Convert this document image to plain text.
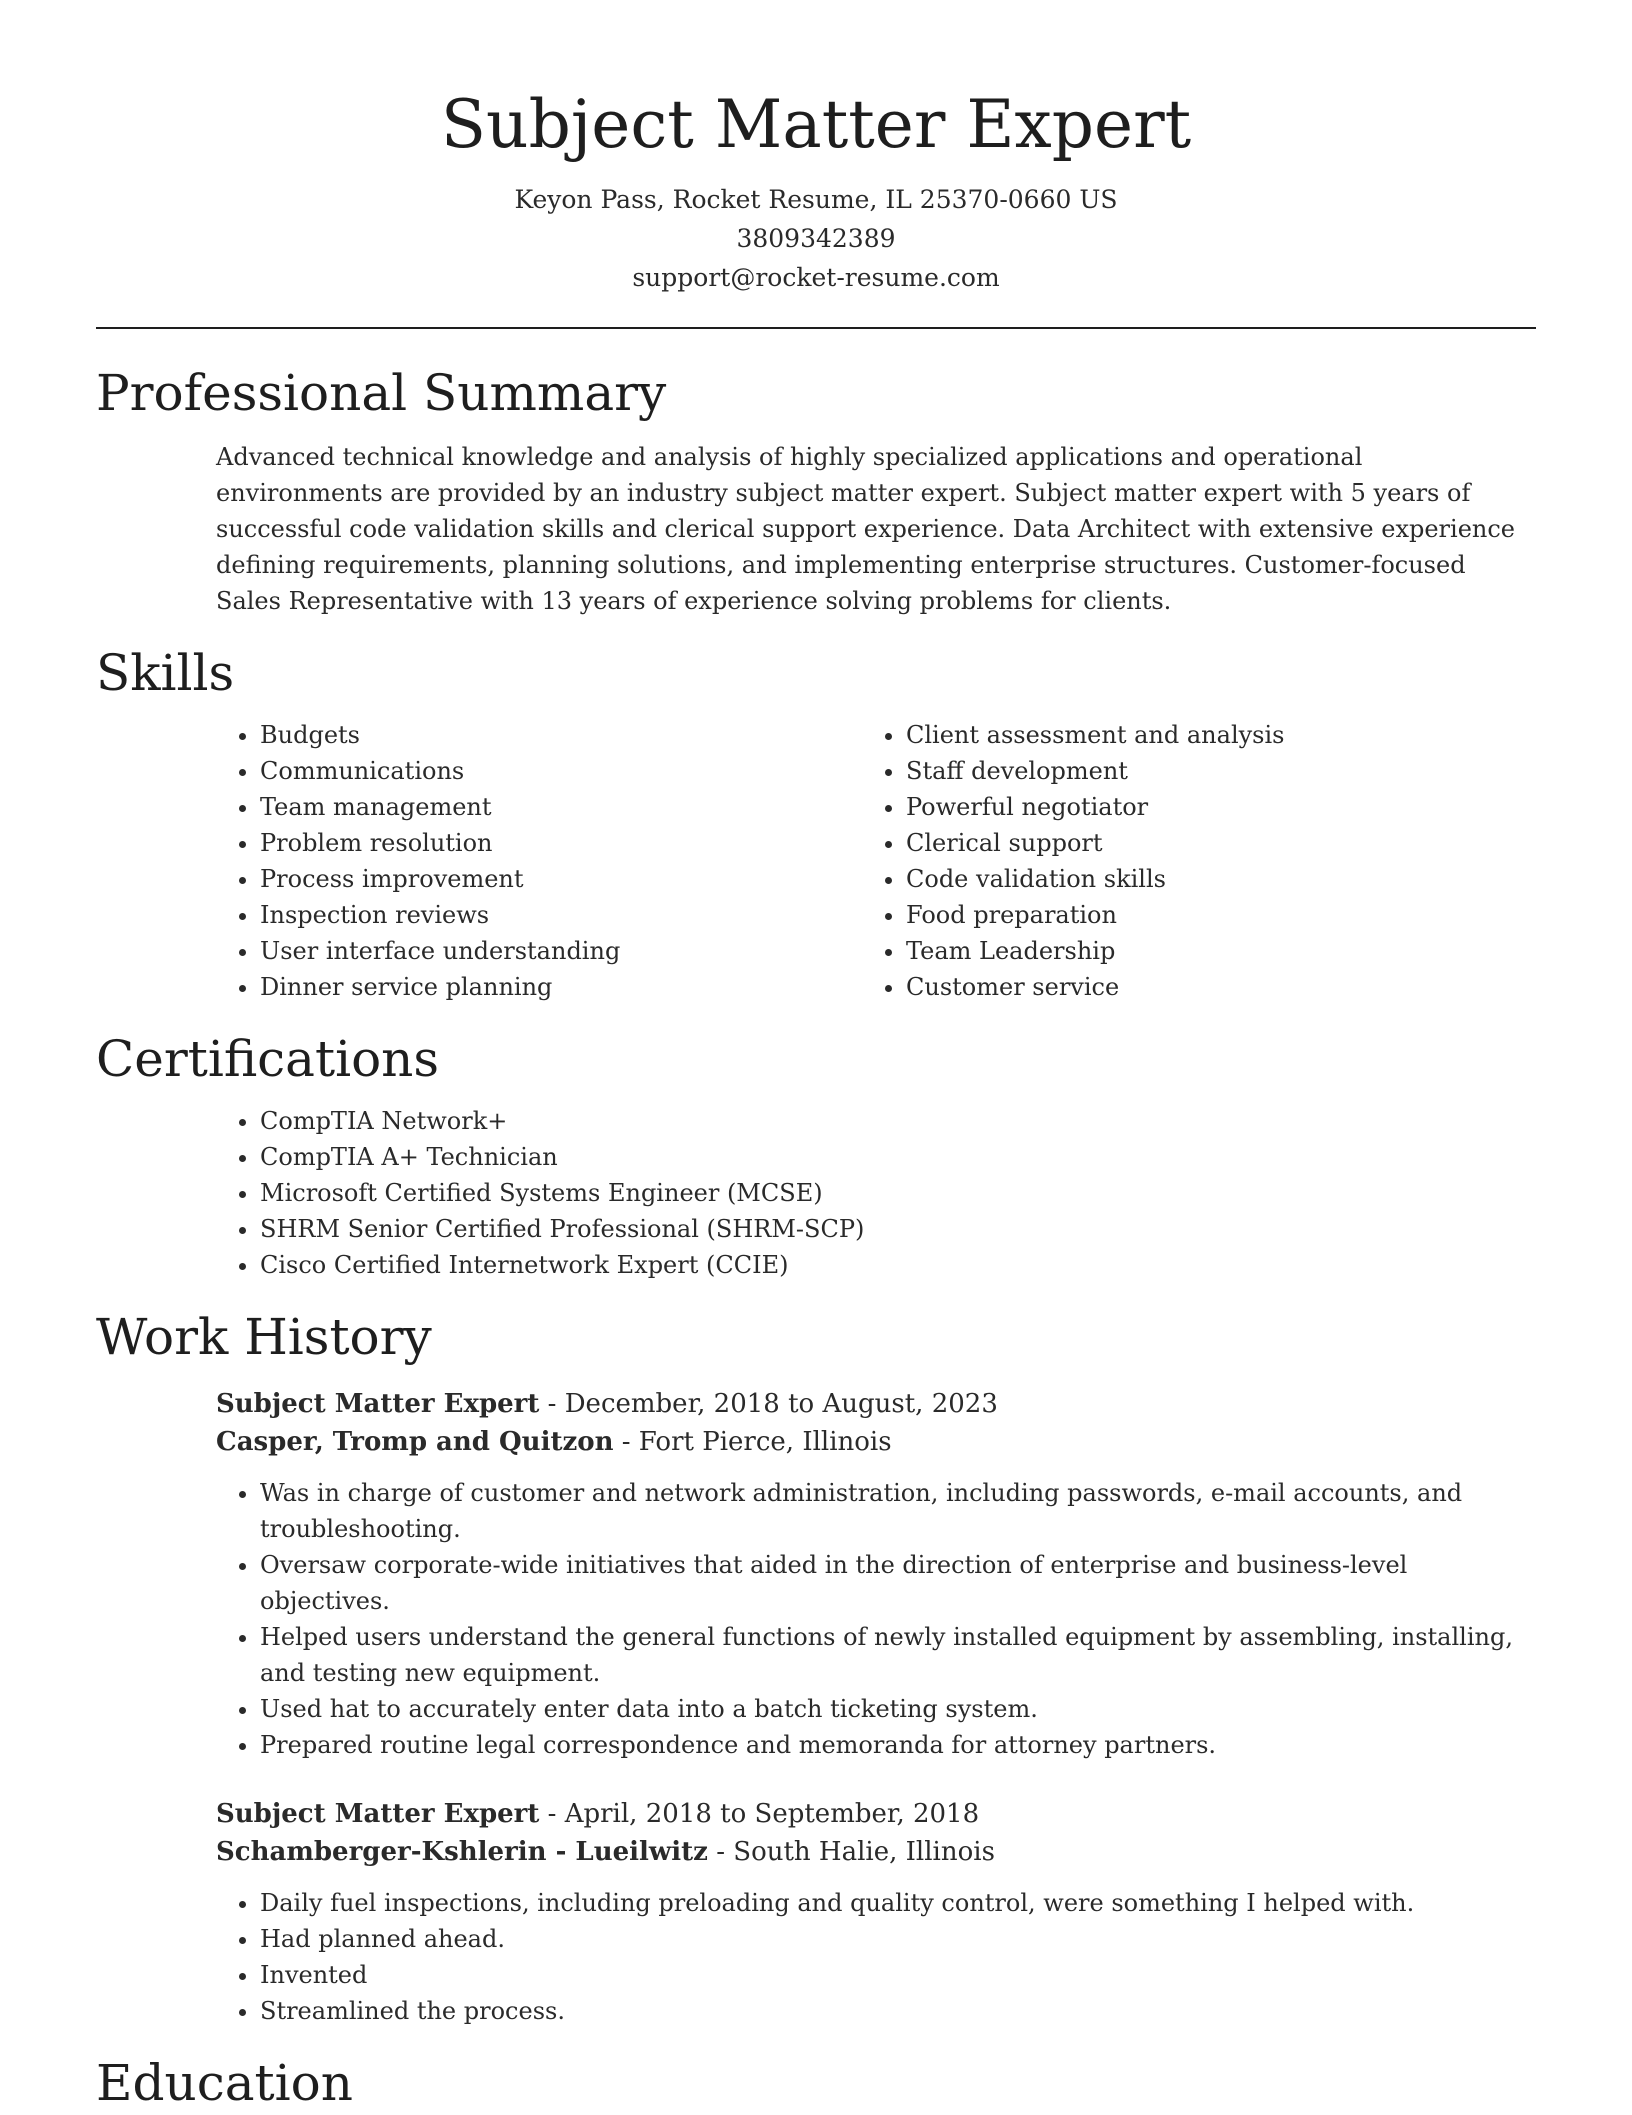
Subject Matter Expert
Keyon Pass, Rocket Resume, IL 25370-0660 US
3809342389
support@rocket-resume.com
Professional Summary

Advanced technical knowledge and analysis of highly specialized applications and operational environments are provided by an industry subject matter expert. Subject matter expert with 5 years of successful code validation skills and clerical support experience. Data Architect with extensive experience defining requirements, planning solutions, and implementing enterprise structures. Customer-focused Sales Representative with 13 years of experience solving problems for clients.

Skills
• Budgets
• Communications
• Team management
• Problem resolution
• Process improvement
• Inspection reviews
• User interface understanding
• Dinner service planning
• Client assessment and analysis
• Staff development
• Powerful negotiator
• Clerical support
• Code validation skills
• Food preparation
• Team Leadership
• Customer service
Certifications
• CompTIA Network+
• CompTIA A+ Technician
• Microsoft Certified Systems Engineer (MCSE)
• SHRM Senior Certified Professional (SHRM-SCP)
• Cisco Certified Internetwork Expert (CCIE)
Work History
Subject Matter Expert - December, 2018 to August, 2023
Casper, Tromp and Quitzon - Fort Pierce, Illinois
• Was in charge of customer and network administration, including passwords, e-mail accounts, and troubleshooting.
• Oversaw corporate-wide initiatives that aided in the direction of enterprise and business-level objectives.
• Helped users understand the general functions of newly installed equipment by assembling, installing, and testing new equipment.
• Used hat to accurately enter data into a batch ticketing system.
• Prepared routine legal correspondence and memoranda for attorney partners.
Subject Matter Expert - April, 2018 to September, 2018
Schamberger-Kshlerin - Lueilwitz - South Halie, Illinois
• Daily fuel inspections, including preloading and quality control, were something I helped with.
• Had planned ahead.
• Invented
• Streamlined the process.
Education
